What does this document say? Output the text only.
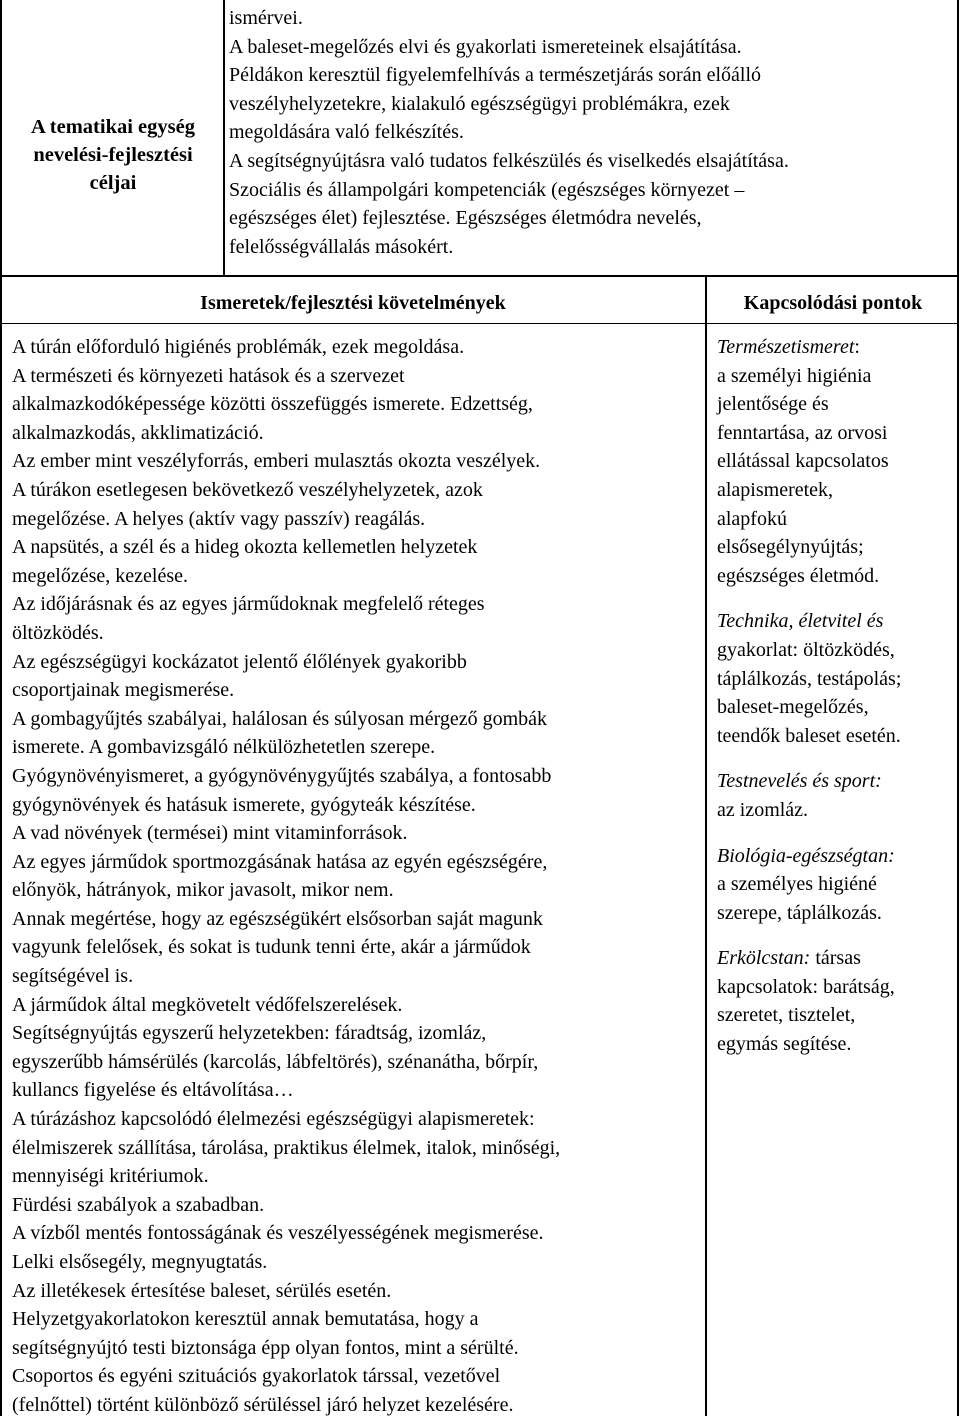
A tematikai egység
nevelési-fejlesztési
céljai
ismérvei.
A baleset-megelőzés elvi és gyakorlati ismereteinek elsajátítása.
Példákon keresztül figyelemfelhívás a természetjárás során előálló
veszélyhelyzetekre, kialakuló egészségügyi problémákra, ezek
megoldására való felkészítés.
A segítségnyújtásra való tudatos felkészülés és viselkedés elsajátítása.
Szociális és állampolgári kompetenciák (egészséges környezet –
egészséges élet) fejlesztése. Egészséges életmódra nevelés,
felelősségvállalás másokért.
Ismeretek/fejlesztési követelmények	Kapcsolódási pontok
A túrán előforduló higiénés problémák, ezek megoldása.
A természeti és környezeti hatások és a szervezet
alkalmazkodóképessége közötti összefüggés ismerete. Edzettség,
alkalmazkodás, akklimatizáció.
Az ember mint veszélyforrás, emberi mulasztás okozta veszélyek.
A túrákon esetlegesen bekövetkező veszélyhelyzetek, azok
megelőzése. A helyes (aktív vagy passzív) reagálás.
A napsütés, a szél és a hideg okozta kellemetlen helyzetek
megelőzése, kezelése.
Az időjárásnak és az egyes járműdoknak megfelelő réteges
öltözködés.
Az egészségügyi kockázatot jelentő élőlények gyakoribb
csoportjainak megismerése.
A gombagyűjtés szabályai, halálosan és súlyosan mérgező gombák
ismerete. A gombavizsgáló nélkülözhetetlen szerepe.
Gyógynövényismeret, a gyógynövénygyűjtés szabálya, a fontosabb
gyógynövények és hatásuk ismerete, gyógyteák készítése.
A vad növények (termései) mint vitaminforrások.
Az egyes járműdok sportmozgásának hatása az egyén egészségére,
előnyök, hátrányok, mikor javasolt, mikor nem.
Annak megértése, hogy az egészségükért elsősorban saját magunk
vagyunk felelősek, és sokat is tudunk tenni érte, akár a járműdok
segítségével is.
A járműdok által megkövetelt védőfelszerelések.
Segítségnyújtás egyszerű helyzetekben: fáradtság, izomláz,
egyszerűbb hámsérülés (karcolás, lábfeltörés), szénanátha, bőrpír,
kullancs figyelése és eltávolítása…
A túrázáshoz kapcsolódó élelmezési egészségügyi alapismeretek:
élelmiszerek szállítása, tárolása, praktikus élelmek, italok, minőségi,
mennyiségi kritériumok.
Fürdési szabályok a szabadban.
A vízből mentés fontosságának és veszélyességének megismerése.
Lelki elsősegély, megnyugtatás.
Az illetékesek értesítése baleset, sérülés esetén.
Helyzetgyakorlatokon keresztül annak bemutatása, hogy a
segítségnyújtó testi biztonsága épp olyan fontos, mint a sérülté.
Csoportos és egyéni szituációs gyakorlatok társsal, vezetővel
(felnőttel) történt különböző sérüléssel járó helyzet kezelésére.
Természetismeret:
a személyi higiénia
jelentősége és
fenntartása, az orvosi
ellátással kapcsolatos
alapismeretek,
alapfokú
elsősegélynyújtás;
egészséges életmód.
Technika, életvitel és
gyakorlat: öltözködés,
táplálkozás, testápolás;
baleset-megelőzés,
teendők baleset esetén.
Testnevelés és sport:
az izomláz.
Biológia-egészségtan:
a személyes higiéné
szerepe, táplálkozás.
Erkölcstan: társas
kapcsolatok: barátság,
szeretet, tisztelet,
egymás segítése.
